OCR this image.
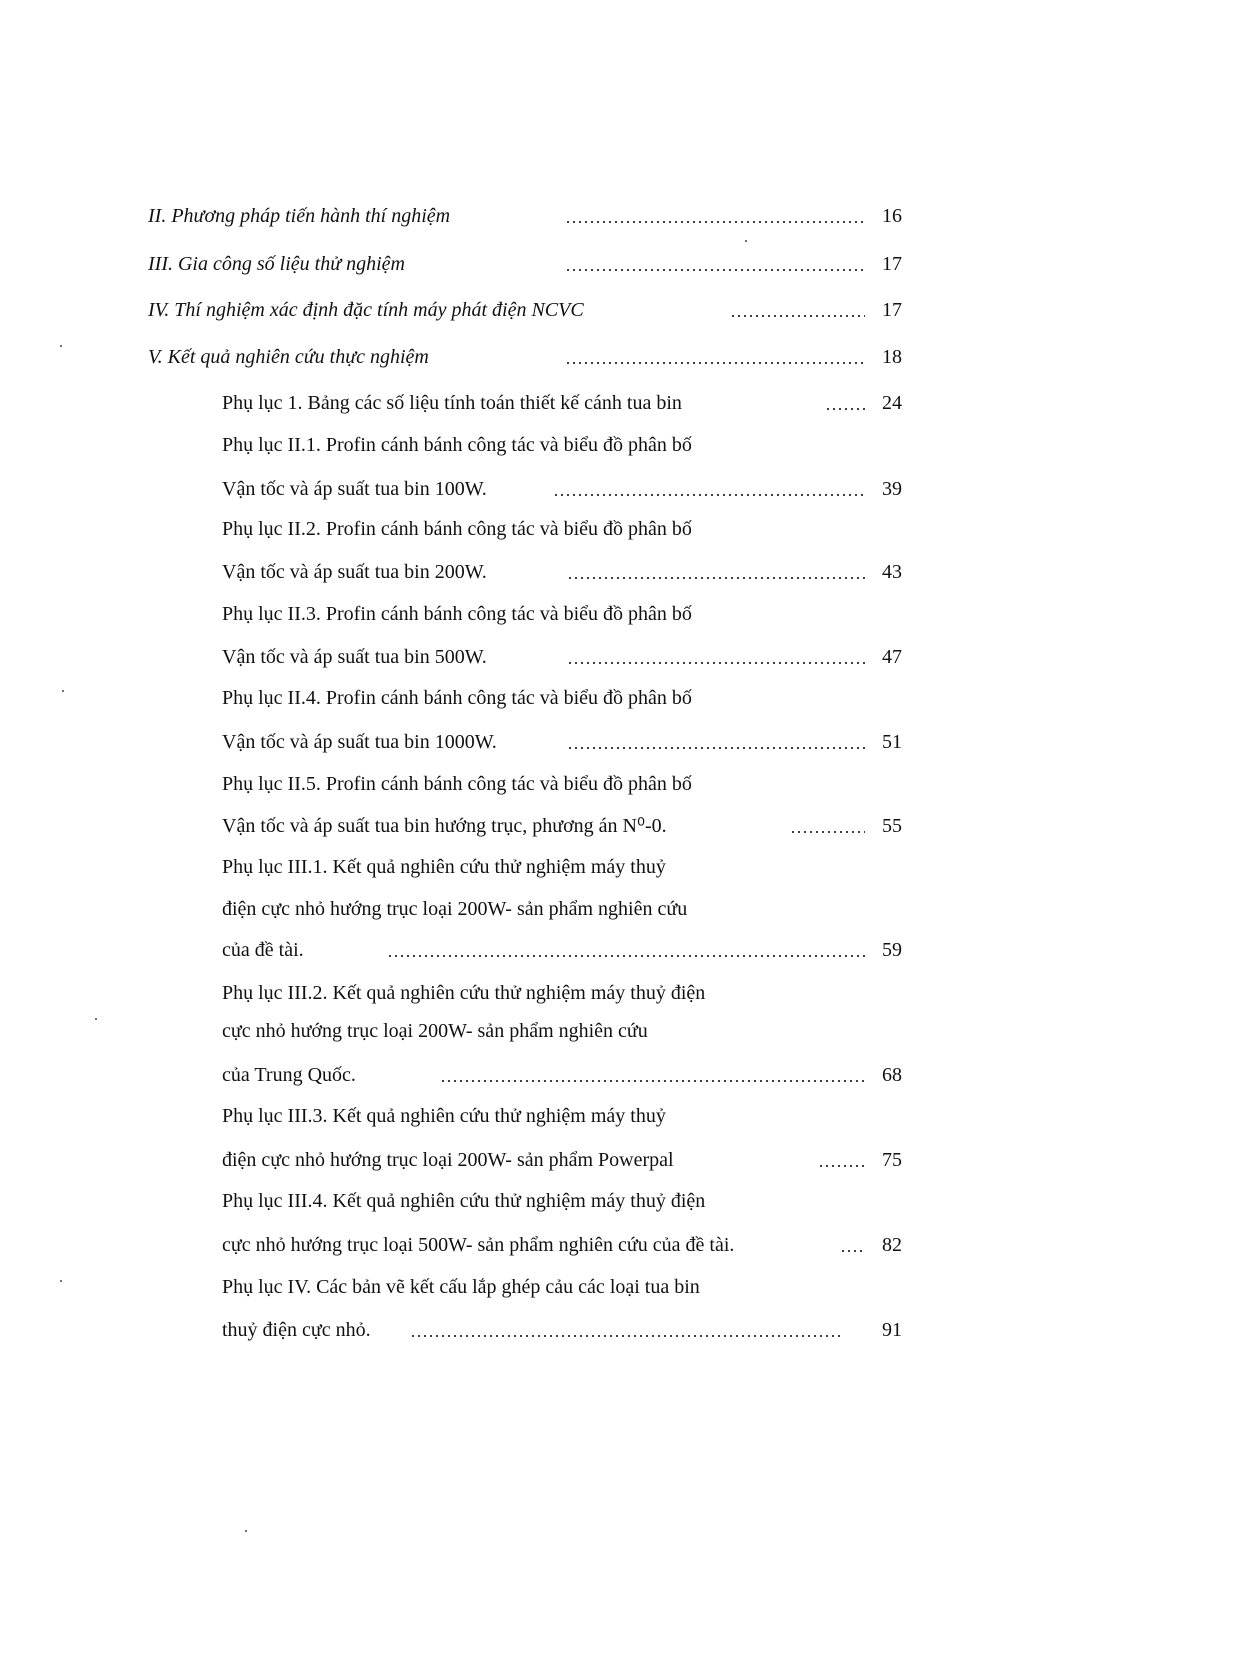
II. Phương pháp tiến hành thí nghiệm	16
III. Gia công số liệu thử nghiệm	17
IV. Thí nghiệm xác định đặc tính máy phát điện NCVC	17
V. Kết quả nghiên cứu thực nghiệm	18
Phụ lục 1. Bảng các số liệu tính toán thiết kế cánh tua bin	24
Phụ lục II.1. Profin cánh bánh công tác và biểu đồ phân bố
Vận tốc và áp suất tua bin 100W.	39
Phụ lục II.2. Profin cánh bánh công tác và biểu đồ phân bố
Vận tốc và áp suất tua bin 200W.	43
Phụ lục II.3. Profin cánh bánh công tác và biểu đồ phân bố
Vận tốc và áp suất tua bin 500W.	47
Phụ lục II.4. Profin cánh bánh công tác và biểu đồ phân bố
Vận tốc và áp suất tua bin 1000W.	51
Phụ lục II.5. Profin cánh bánh công tác và biểu đồ phân bố
Vận tốc và áp suất tua bin hướng trục, phương án N⁰-0.	55
Phụ lục III.1. Kết quả nghiên cứu thử nghiệm máy thuỷ
điện cực nhỏ hướng trục loại 200W- sản phẩm nghiên cứu
của đề tài.	59
Phụ lục III.2. Kết quả nghiên cứu thử nghiệm máy thuỷ điện
cực nhỏ hướng trục loại 200W- sản phẩm nghiên cứu
của Trung Quốc.	68
Phụ lục III.3. Kết quả nghiên cứu thử nghiệm máy thuỷ
điện cực nhỏ hướng trục loại 200W- sản phẩm Powerpal	75
Phụ lục III.4. Kết quả nghiên cứu thử nghiệm máy thuỷ điện
cực nhỏ hướng trục loại 500W- sản phẩm nghiên cứu của đề tài.	82
Phụ lục IV. Các bản vẽ kết cấu lắp ghép cảu các loại tua bin
thuỷ điện cực nhỏ.	91
